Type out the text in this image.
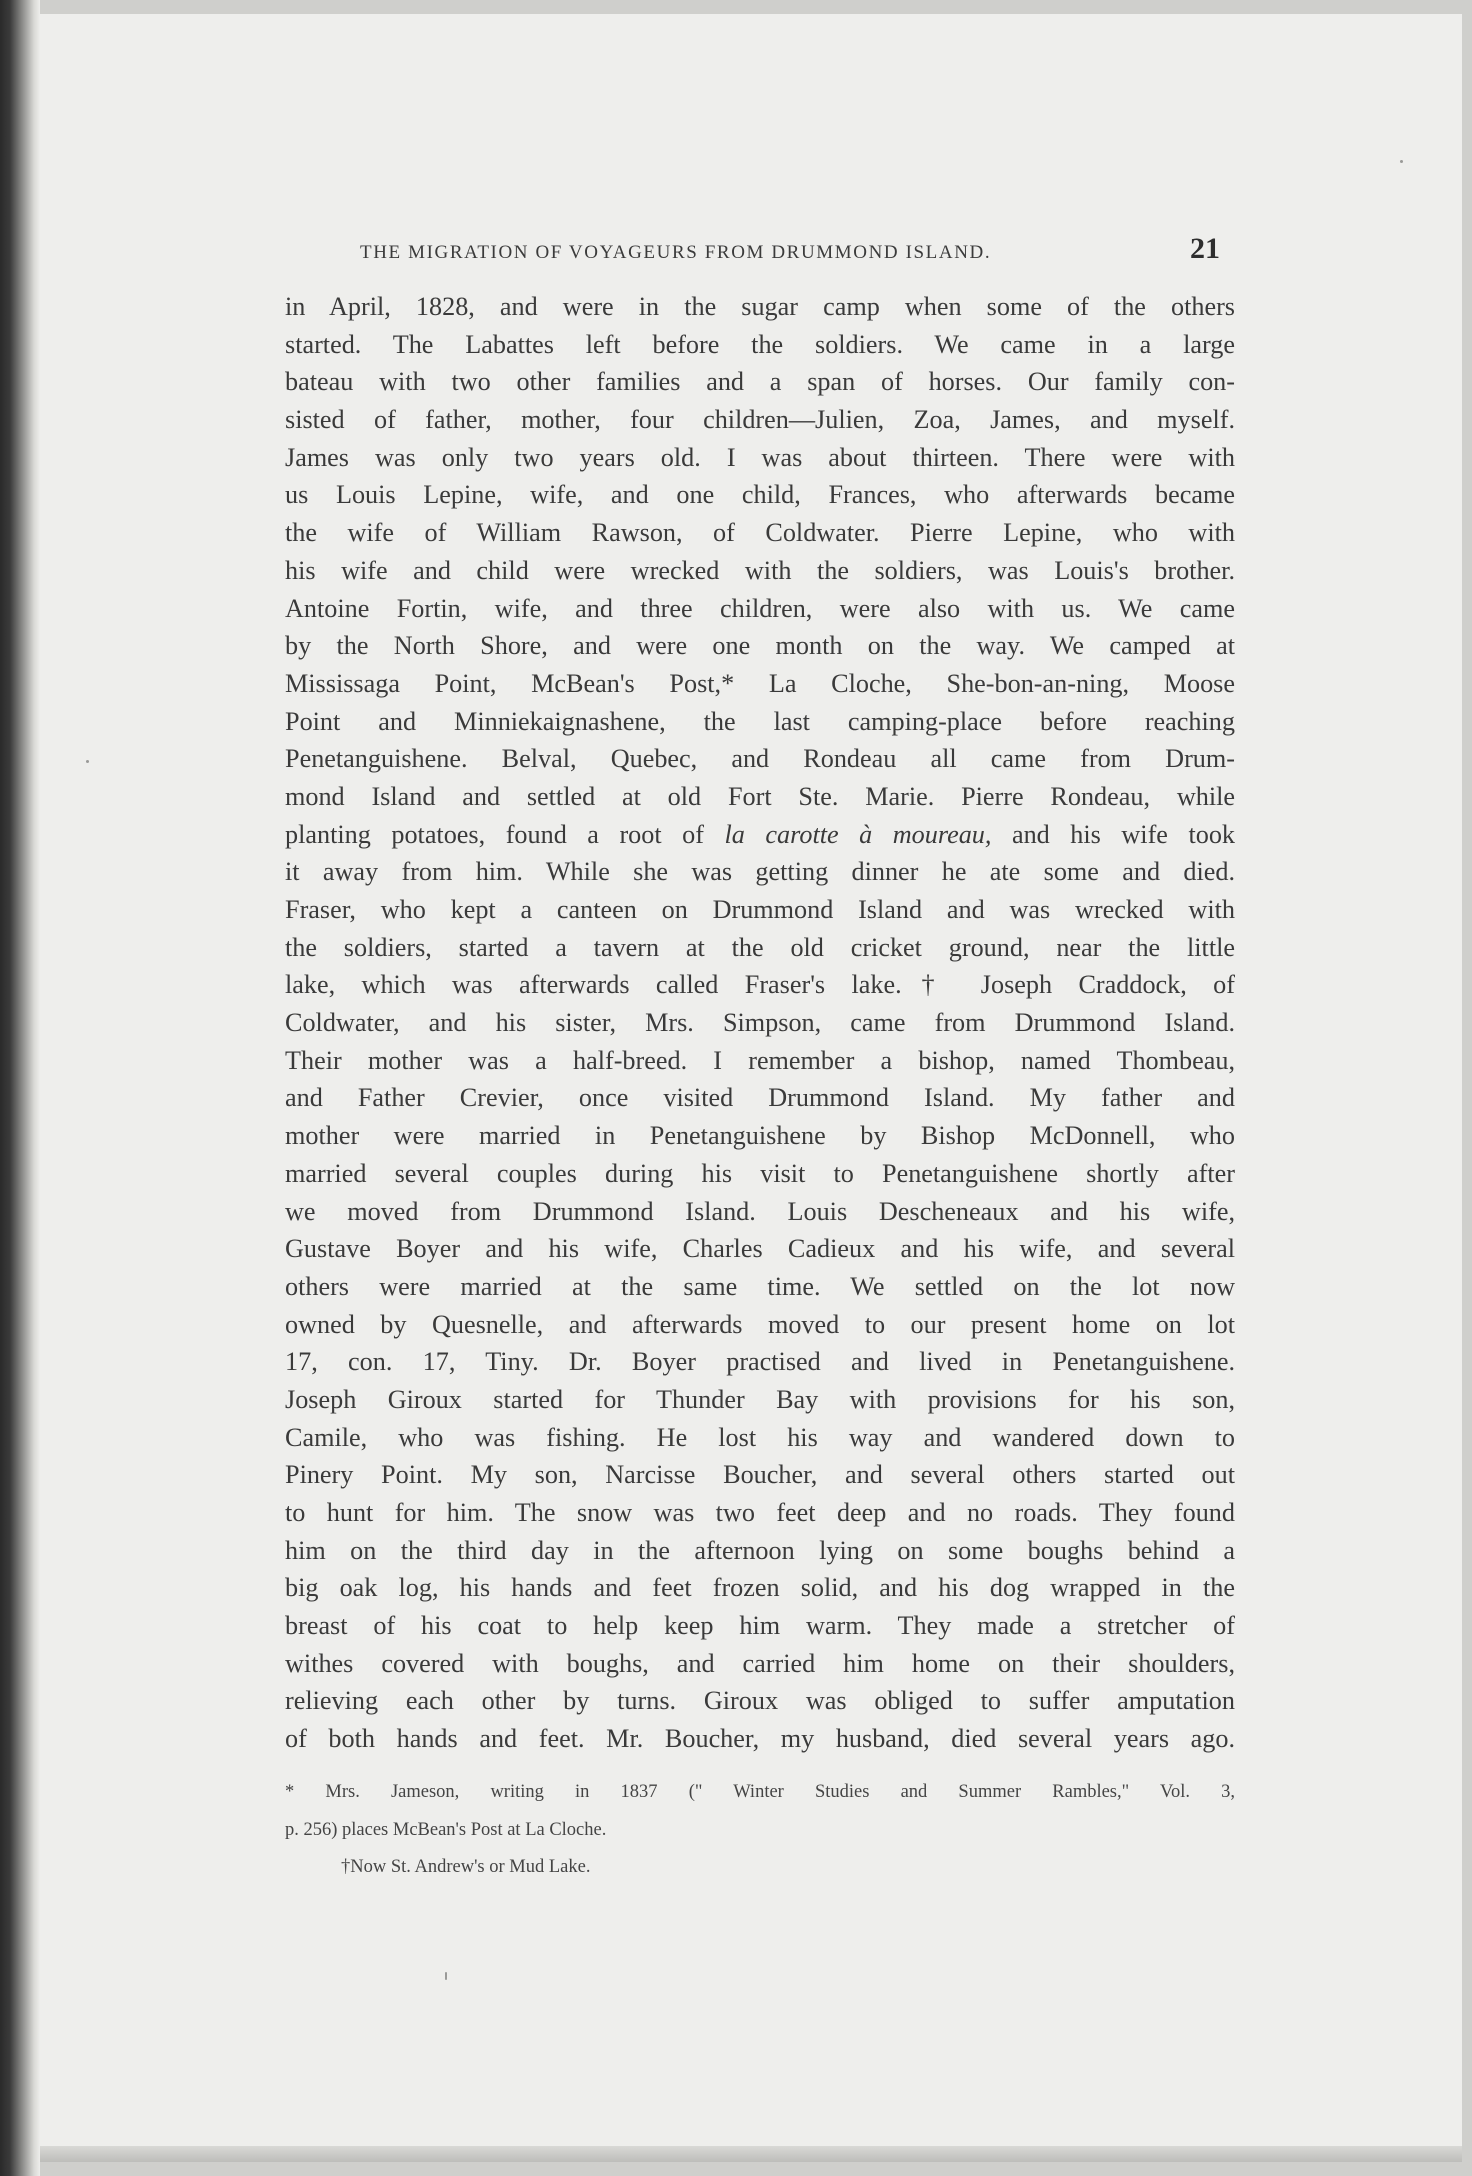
THE MIGRATION OF VOYAGEURS FROM DRUMMOND ISLAND.	21
in April, 1828, and were in the sugar camp when some of the others
started. The Labattes left before the soldiers. We came in a large
bateau with two other families and a span of horses. Our family con-
sisted of father, mother, four children—Julien, Zoa, James, and myself.
James was only two years old. I was about thirteen. There were with
us Louis Lepine, wife, and one child, Frances, who afterwards became
the wife of William Rawson, of Coldwater. Pierre Lepine, who with
his wife and child were wrecked with the soldiers, was Louis's brother.
Antoine Fortin, wife, and three children, were also with us. We came
by the North Shore, and were one month on the way. We camped at
Mississaga Point, McBean's Post,* La Cloche, She-bon-an-ning, Moose
Point and Minniekaignashene, the last camping-place before reaching
Penetanguishene. Belval, Quebec, and Rondeau all came from Drum-
mond Island and settled at old Fort Ste. Marie. Pierre Rondeau, while
planting potatoes, found a root of la carotte à moureau, and his wife took
it away from him. While she was getting dinner he ate some and died.
Fraser, who kept a canteen on Drummond Island and was wrecked with
the soldiers, started a tavern at the old cricket ground, near the little
lake, which was afterwards called Fraser's lake.† Joseph Craddock, of
Coldwater, and his sister, Mrs. Simpson, came from Drummond Island.
Their mother was a half-breed. I remember a bishop, named Thombeau,
and Father Crevier, once visited Drummond Island. My father and
mother were married in Penetanguishene by Bishop McDonnell, who
married several couples during his visit to Penetanguishene shortly after
we moved from Drummond Island. Louis Descheneaux and his wife,
Gustave Boyer and his wife, Charles Cadieux and his wife, and several
others were married at the same time. We settled on the lot now
owned by Quesnelle, and afterwards moved to our present home on lot
17, con. 17, Tiny. Dr. Boyer practised and lived in Penetanguishene.
Joseph Giroux started for Thunder Bay with provisions for his son,
Camile, who was fishing. He lost his way and wandered down to
Pinery Point. My son, Narcisse Boucher, and several others started out
to hunt for him. The snow was two feet deep and no roads. They found
him on the third day in the afternoon lying on some boughs behind a
big oak log, his hands and feet frozen solid, and his dog wrapped in the
breast of his coat to help keep him warm. They made a stretcher of
withes covered with boughs, and carried him home on their shoulders,
relieving each other by turns. Giroux was obliged to suffer amputation
of both hands and feet. Mr. Boucher, my husband, died several years ago.
* Mrs. Jameson, writing in 1837 (" Winter Studies and Summer Rambles," Vol. 3,
p. 256) places McBean's Post at La Cloche.
†Now St. Andrew's or Mud Lake.
